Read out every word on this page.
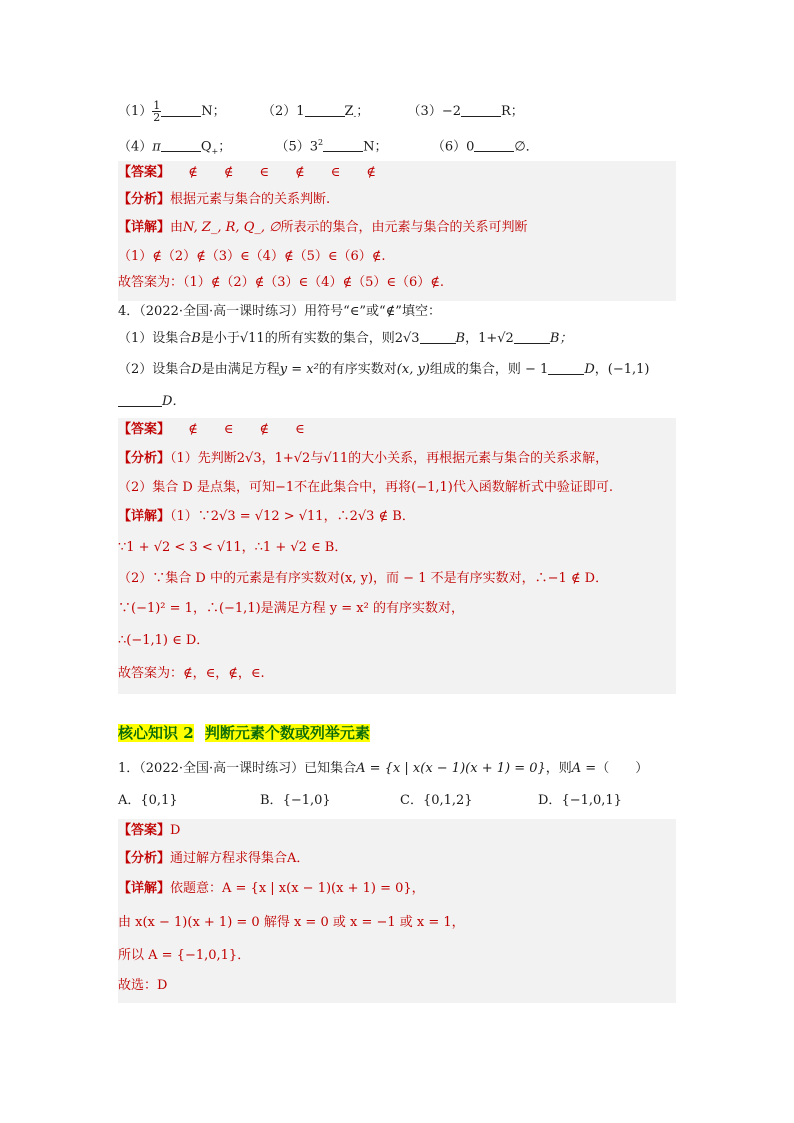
$(1) \frac{1}{2}$	N；	（2）1	$Z_-$；	（3）−2	R；
（4）π	$Q_+$；	$(5)3^2$	N；	（6）0	∅．
【答案】 ∉　　∉　　∈　　∉　　∈　　∉
【分析】根据元素与集合的关系判断.
【详解】由N, Z_, R, Q_, ∅所表示的集合，由元素与集合的关系可判断
（1）∉（2）∉（3）∈（4）∉（5）∈（6）∉.
故答案为：（1）∉（2）∉（3）∈（4）∉（5）∈（6）∉.
4．（2022·全国·高一课时练习）用符号“∈”或“∉”填空：
（1）设集合B是小于√11的所有实数的集合，则2√3	B，1+√2	B；
（2）设集合D是由满足方程y = x²的有序实数对(x, y)组成的集合，则 − 1	D，(−1,1)
D．
【答案】 ∉　　∈　　∉　　∈
【分析】（1）先判断2√3，1+√2与√11的大小关系，再根据元素与集合的关系求解，
（2）集合 D 是点集，可知−1不在此集合中，再将(−1,1)代入函数解析式中验证即可.
【详解】（1）∵2√3 = √12 > √11，∴2√3 ∉ B．
∵1 + √2 < 3 < √11，∴1 + √2 ∈ B．
（2）∵集合 D 中的元素是有序实数对(x, y)，而 − 1 不是有序实数对，∴−1 ∉ D．
∵(−1)² = 1，∴(−1,1)是满足方程 y = x² 的有序实数对，
∴(−1,1) ∈ D．
故答案为：∉，∈，∉，∈.
核心知识 2 判断元素个数或列举元素
1．（2022·全国·高一课时练习）已知集合A = {x | x(x − 1)(x + 1) = 0}，则A =（　　）
A．{0,1}	B．{−1,0}	C．{0,1,2}	D．{−1,0,1}
【答案】D
【分析】通过解方程求得集合A．
【详解】依题意：A = {x | x(x − 1)(x + 1) = 0}，
由 x(x − 1)(x + 1) = 0 解得 x = 0 或 x = −1 或 x = 1，
所以 A = {−1,0,1}．
故选：D
